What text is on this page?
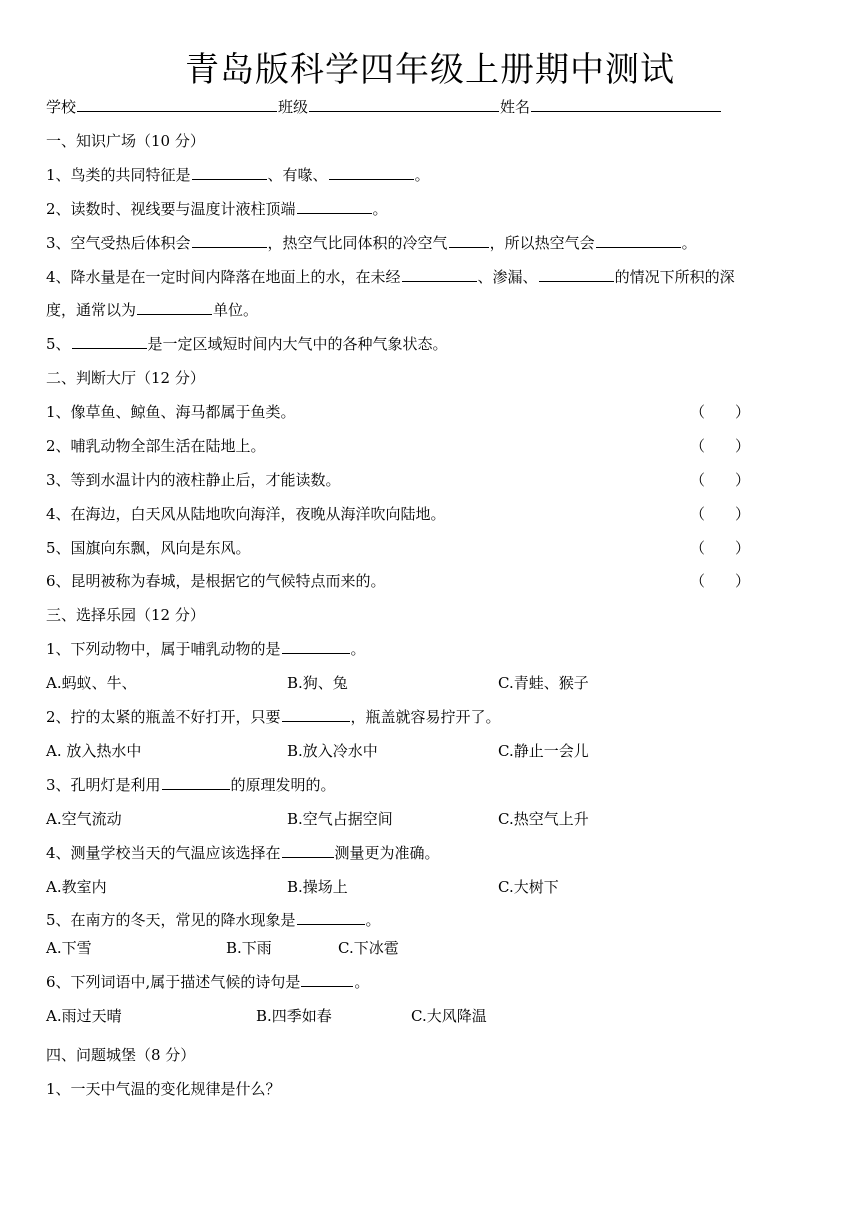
青岛版科学四年级上册期中测试
学校	班级	姓名
一、知识广场（10 分）
1、鸟类的共同特征是	、有喙、	。
2、读数时、视线要与温度计液柱顶端	。
3、空气受热后体积会	，热空气比同体积的冷空气	，所以热空气会	。
4、降水量是在一定时间内降落在地面上的水，在未经	、渗漏、	的情况下所积的深
度，通常以为	单位。
5、	是一定区域短时间内大气中的各种气象状态。
二、判断大厅（12 分）
1、像草鱼、鲸鱼、海马都属于鱼类。	（　　）
2、哺乳动物全部生活在陆地上。	（　　）
3、等到水温计内的液柱静止后，才能读数。	（　　）
4、在海边，白天风从陆地吹向海洋，夜晚从海洋吹向陆地。	（　　）
5、国旗向东飘，风向是东风。	（　　）
6、昆明被称为春城，是根据它的气候特点而来的。	（　　）
三、选择乐园（12 分）
1、下列动物中，属于哺乳动物的是	。
A.蚂蚁、牛、	B.狗、兔	C.青蛙、猴子
2、拧的太紧的瓶盖不好打开，只要	，瓶盖就容易拧开了。
A. 放入热水中	B.放入冷水中	C.静止一会儿
3、孔明灯是利用	的原理发明的。
A.空气流动	B.空气占据空间	C.热空气上升
4、测量学校当天的气温应该选择在	测量更为准确。
A.教室内	B.操场上	C.大树下
5、在南方的冬天，常见的降水现象是	。
A.下雪	B.下雨	C.下冰雹
6、下列词语中,属于描述气候的诗句是	。
A.雨过天晴	B.四季如春	C.大风降温
四、问题城堡（8 分）
1、一天中气温的变化规律是什么？
